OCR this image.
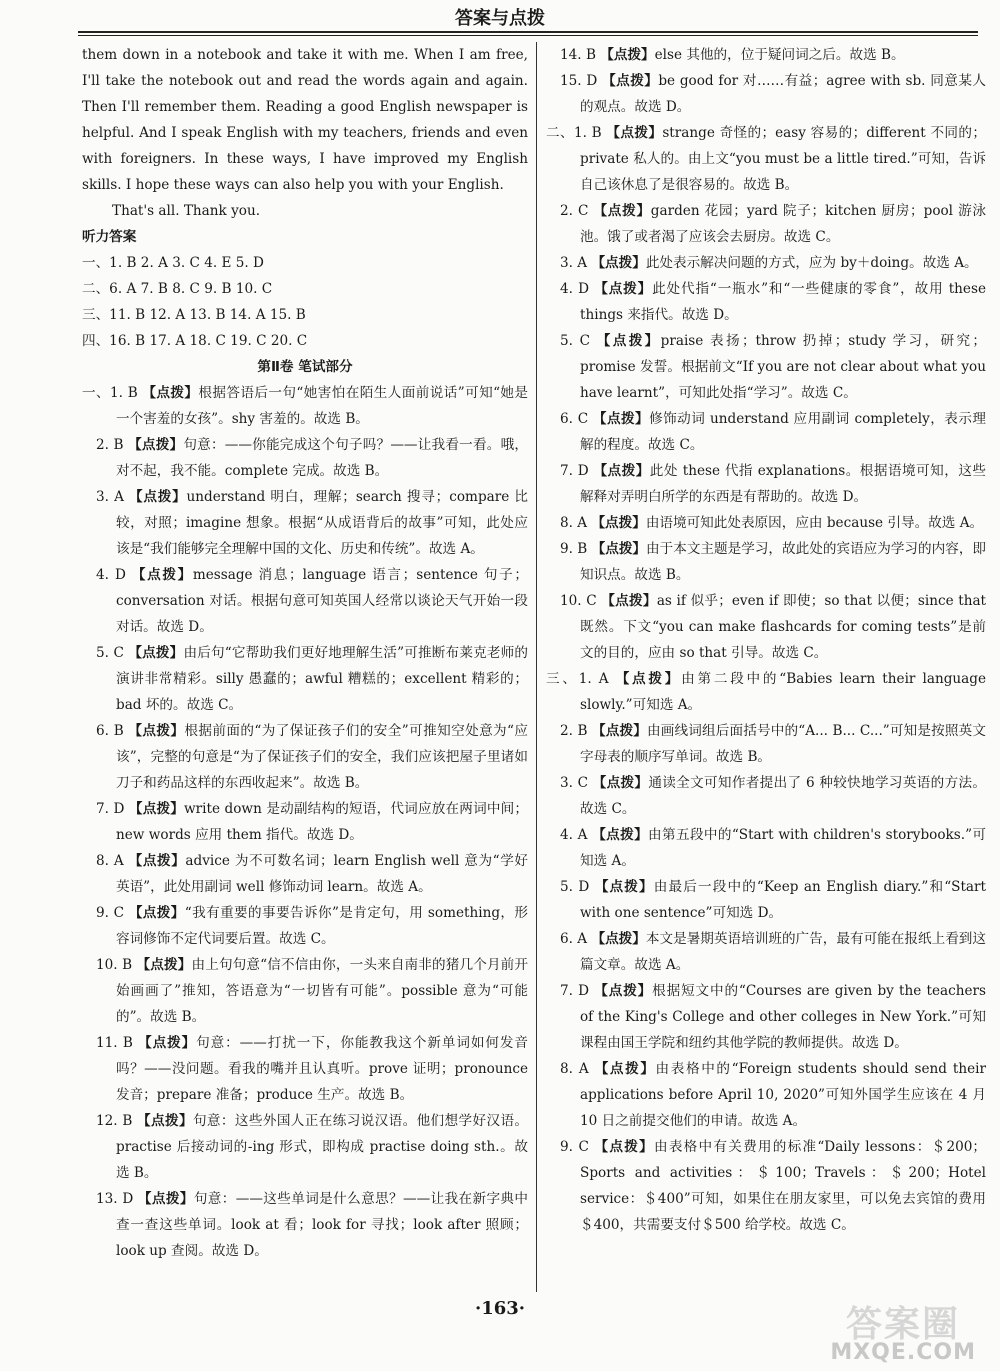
答案与点拨

them down in a notebook and take it with me. When I am free, I'll take the notebook out and read the words again and again. Then I'll remember them. Reading a good English newspaper is helpful. And I speak English with my teachers, friends and even with foreigners. In these ways, I have improved my English skills. I hope these ways can also help you with your English.

That's all. Thank you.

听力答案

一、1. B 2. A 3. C 4. E 5. D

二、6. A 7. B 8. C 9. B 10. C

三、11. B 12. A 13. B 14. A 15. B

四、16. B 17. A 18. C 19. C 20. C

第Ⅱ卷 笔试部分

一、1. B 【点拨】根据答语后一句“她害怕在陌生人面前说话”可知“她是一个害羞的女孩”。shy 害羞的。故选 B。

2. B 【点拨】句意：——你能完成这个句子吗？——让我看一看。哦，对不起，我不能。complete 完成。故选 B。

3. A 【点拨】understand 明白，理解；search 搜寻；compare 比较，对照；imagine 想象。根据“从成语背后的故事”可知，此处应该是“我们能够完全理解中国的文化、历史和传统”。故选 A。

4. D 【点拨】message 消息；language 语言；sentence 句子；conversation 对话。根据句意可知英国人经常以谈论天气开始一段对话。故选 D。

5. C 【点拨】由后句“它帮助我们更好地理解生活”可推断布莱克老师的演讲非常精彩。silly 愚蠢的；awful 糟糕的；excellent 精彩的；bad 坏的。故选 C。

6. B 【点拨】根据前面的“为了保证孩子们的安全”可推知空处意为“应该”，完整的句意是“为了保证孩子们的安全，我们应该把屋子里诸如刀子和药品这样的东西收起来”。故选 B。

7. D 【点拨】write down 是动副结构的短语，代词应放在两词中间；new words 应用 them 指代。故选 D。

8. A 【点拨】advice 为不可数名词；learn English well 意为“学好英语”，此处用副词 well 修饰动词 learn。故选 A。

9. C 【点拨】“我有重要的事要告诉你”是肯定句，用 something，形容词修饰不定代词要后置。故选 C。

10. B 【点拨】由上句句意“信不信由你，一头来自南非的猪几个月前开始画画了”推知，答语意为“一切皆有可能”。possible 意为“可能的”。故选 B。

11. B 【点拨】句意：——打扰一下，你能教我这个新单词如何发音吗？——没问题。看我的嘴并且认真听。prove 证明；pronounce 发音；prepare 准备；produce 生产。故选 B。

12. B 【点拨】句意：这些外国人正在练习说汉语。他们想学好汉语。practise 后接动词的-ing 形式，即构成 practise doing sth.。故选 B。

13. D 【点拨】句意：——这些单词是什么意思？——让我在新字典中查一查这些单词。look at 看；look for 寻找；look after 照顾；look up 查阅。故选 D。

14. B 【点拨】else 其他的，位于疑问词之后。故选 B。

15. D 【点拨】be good for 对……有益；agree with sb. 同意某人的观点。故选 D。

二、1. B 【点拨】strange 奇怪的；easy 容易的；different 不同的；private 私人的。由上文“you must be a little tired.”可知，告诉自己该休息了是很容易的。故选 B。

2. C 【点拨】garden 花园；yard 院子；kitchen 厨房；pool 游泳池。饿了或者渴了应该会去厨房。故选 C。

3. A 【点拨】此处表示解决问题的方式，应为 by＋doing。故选 A。

4. D 【点拨】此处代指“一瓶水”和“一些健康的零食”，故用 these things 来指代。故选 D。

5. C 【点拨】praise 表扬；throw 扔掉；study 学习，研究；promise 发誓。根据前文“If you are not clear about what you have learnt”，可知此处指“学习”。故选 C。

6. C 【点拨】修饰动词 understand 应用副词 completely，表示理解的程度。故选 C。

7. D 【点拨】此处 these 代指 explanations。根据语境可知，这些解释对弄明白所学的东西是有帮助的。故选 D。

8. A 【点拨】由语境可知此处表原因，应由 because 引导。故选 A。

9. B 【点拨】由于本文主题是学习，故此处的宾语应为学习的内容，即知识点。故选 B。

10. C 【点拨】as if 似乎；even if 即使；so that 以便；since that 既然。下文“you can make flashcards for coming tests”是前文的目的，应由 so that 引导。故选 C。

三、1. A 【点拨】由第二段中的“Babies learn their language slowly.”可知选 A。

2. B 【点拨】由画线词组后面括号中的“A... B... C...”可知是按照英文字母表的顺序写单词。故选 B。

3. C 【点拨】通读全文可知作者提出了 6 种较快地学习英语的方法。故选 C。

4. A 【点拨】由第五段中的“Start with children's storybooks.”可知选 A。

5. D 【点拨】由最后一段中的“Keep an English diary.”和“Start with one sentence”可知选 D。

6. A 【点拨】本文是暑期英语培训班的广告，最有可能在报纸上看到这篇文章。故选 A。

7. D 【点拨】根据短文中的“Courses are given by the teachers of the King's College and other colleges in New York.”可知课程由国王学院和纽约其他学院的教师提供。故选 D。

8. A 【点拨】由表格中的“Foreign students should send their applications before April 10, 2020”可知外国学生应该在 4 月 10 日之前提交他们的申请。故选 A。

9. C 【点拨】由表格中有关费用的标准“Daily lessons：＄200；Sports and activities：＄100；Travels：＄200；Hotel service：＄400”可知，如果住在朋友家里，可以免去宾馆的费用＄400，共需要支付＄500 给学校。故选 C。

·163·	答案圈
MXQE.COM
